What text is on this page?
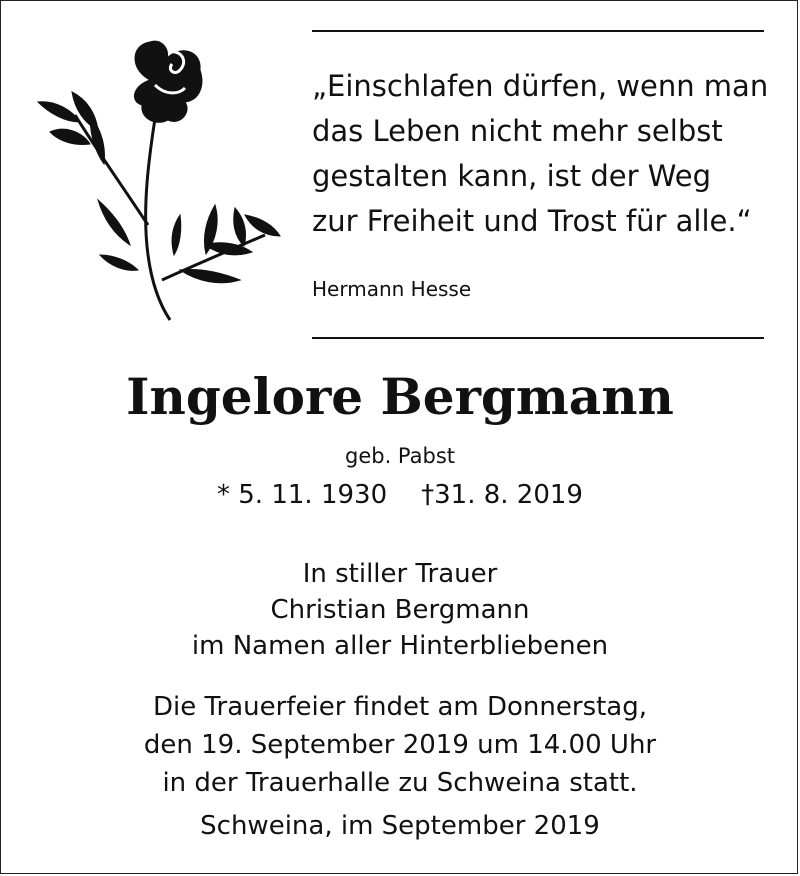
„Einschlafen dürfen, wenn man
das Leben nicht mehr selbst
gestalten kann, ist der Weg
zur Freiheit und Trost für alle.“
Hermann Hesse
Ingelore Bergmann
geb. Pabst
* 5. 11. 1930 †31. 8. 2019
In stiller Trauer
Christian Bergmann
im Namen aller Hinterbliebenen
Die Trauerfeier findet am Donnerstag,
den 19. September 2019 um 14.00 Uhr
in der Trauerhalle zu Schweina statt.
Schweina, im September 2019
